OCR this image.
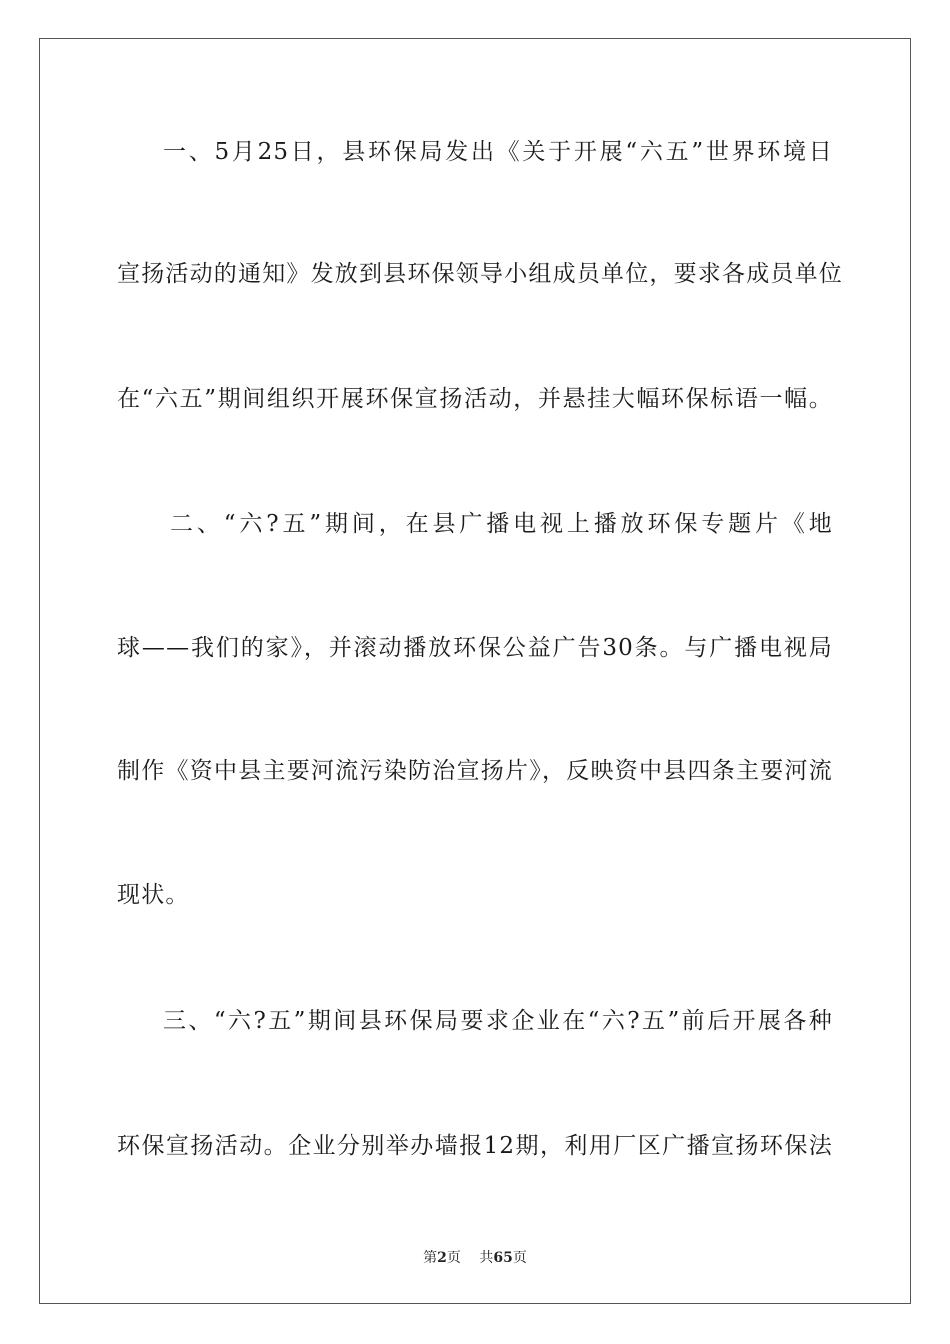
一、5月25日，县环保局发出《关于开展“六五”世界环境日
宣扬活动的通知》发放到县环保领导小组成员单位，要求各成员单位
在“六五”期间组织开展环保宣扬活动，并悬挂大幅环保标语一幅。
二、“六?五”期间，在县广播电视上播放环保专题片《地
球——我们的家》，并滚动播放环保公益广告30条。与广播电视局
制作《资中县主要河流污染防治宣扬片》，反映资中县四条主要河流
现状。
三、“六?五”期间县环保局要求企业在“六?五”前后开展各种
环保宣扬活动。企业分别举办墙报12期，利用厂区广播宣扬环保法
第2页　 共65页
